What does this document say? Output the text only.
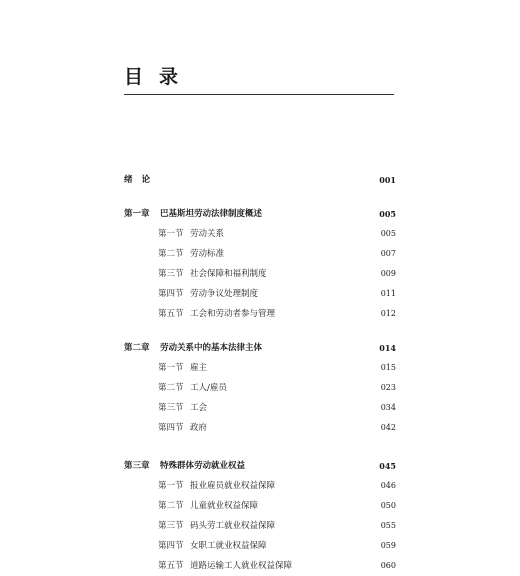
目 录
绪 论	001
第一章 巴基斯坦劳动法律制度概述	005
第一节 劳动关系	005
第二节 劳动标准	007
第三节 社会保障和福利制度	009
第四节 劳动争议处理制度	011
第五节 工会和劳动者参与管理	012
第二章 劳动关系中的基本法律主体	014
第一节 雇主	015
第二节 工人/雇员	023
第三节 工会	034
第四节 政府	042
第三章 特殊群体劳动就业权益	045
第一节 报业雇员就业权益保障	046
第二节 儿童就业权益保障	050
第三节 码头劳工就业权益保障	055
第四节 女职工就业权益保障	059
第五节 道路运输工人就业权益保障	060
